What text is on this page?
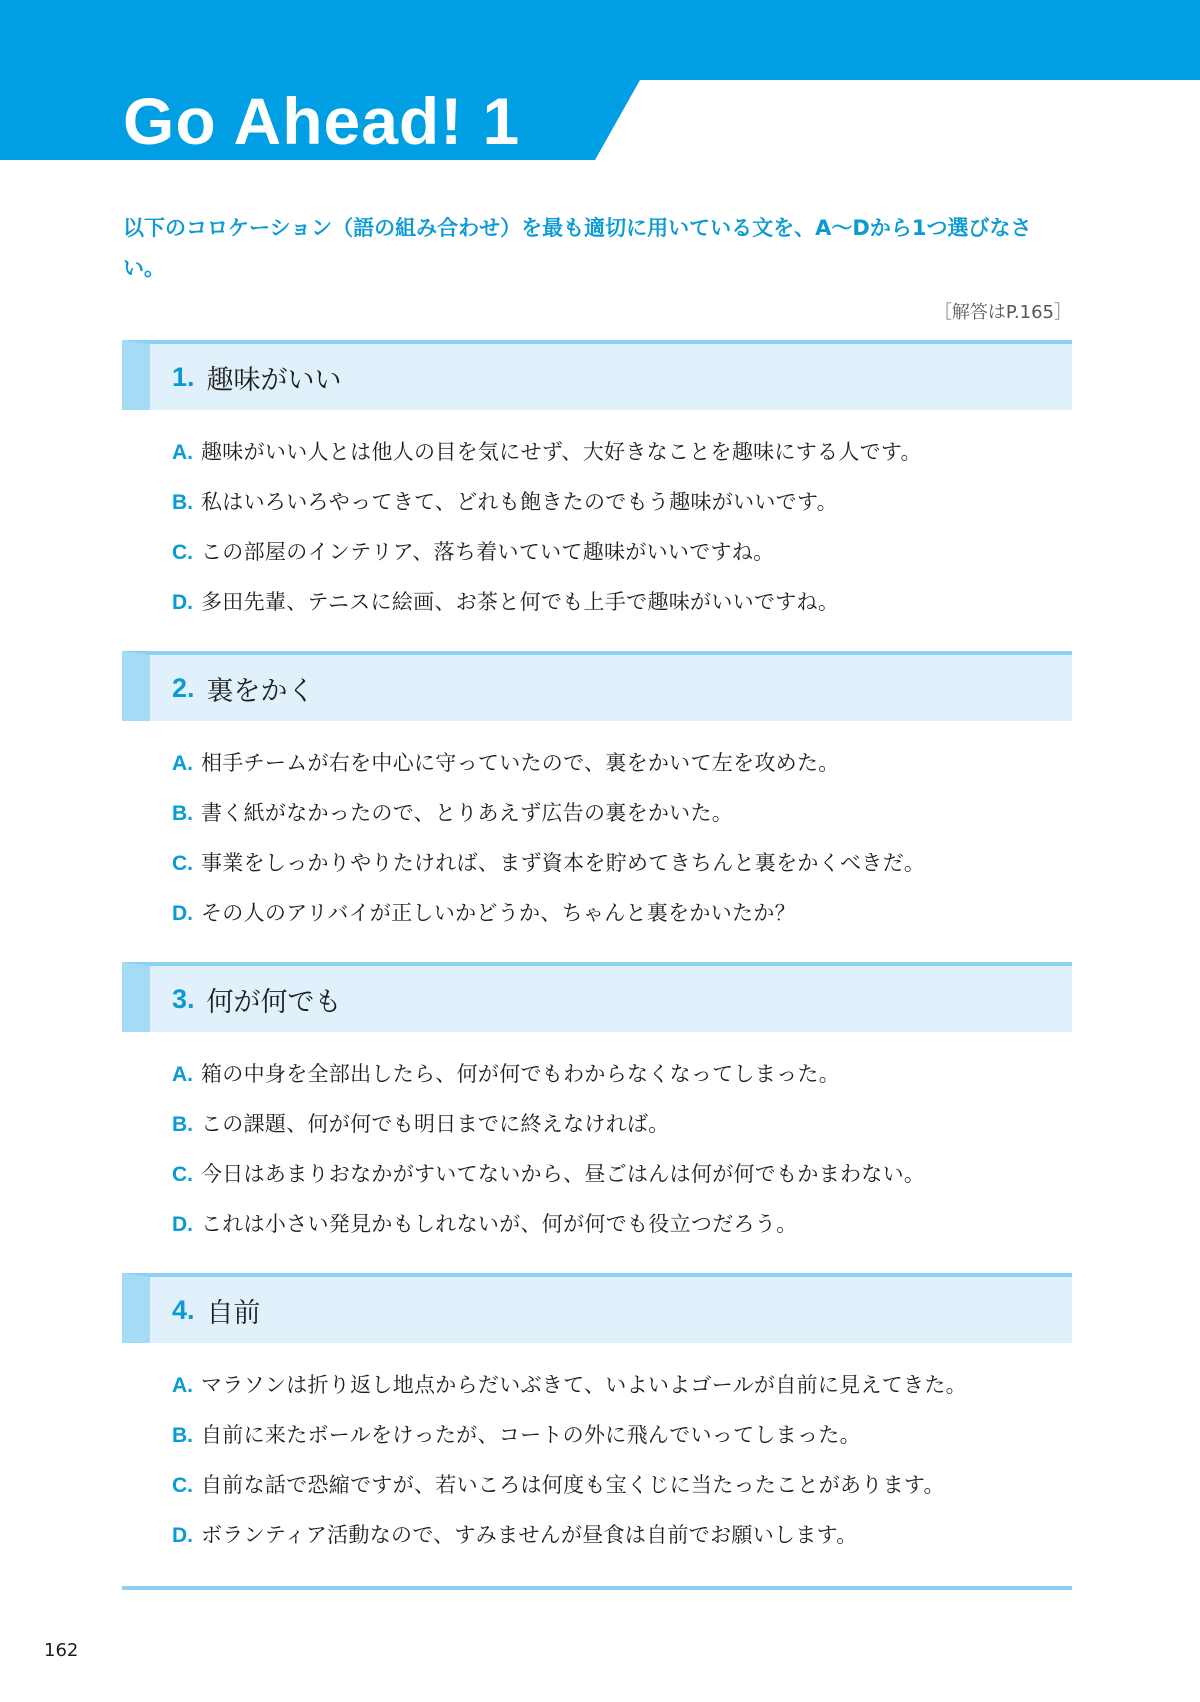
Go Ahead! 1

以下のコロケーション（語の組み合わせ）を最も適切に用いている文を、A～Dから1つ選びなさい。

［解答はP.165］
1. 趣味がいい
A. 趣味がいい人とは他人の目を気にせず、大好きなことを趣味にする人です。
B. 私はいろいろやってきて、どれも飽きたのでもう趣味がいいです。
C. この部屋のインテリア、落ち着いていて趣味がいいですね。
D. 多田先輩、テニスに絵画、お茶と何でも上手で趣味がいいですね。
2. 裏をかく
A. 相手チームが右を中心に守っていたので、裏をかいて左を攻めた。
B. 書く紙がなかったので、とりあえず広告の裏をかいた。
C. 事業をしっかりやりたければ、まず資本を貯めてきちんと裏をかくべきだ。
D. その人のアリバイが正しいかどうか、ちゃんと裏をかいたか？
3. 何が何でも
A. 箱の中身を全部出したら、何が何でもわからなくなってしまった。
B. この課題、何が何でも明日までに終えなければ。
C. 今日はあまりおなかがすいてないから、昼ごはんは何が何でもかまわない。
D. これは小さい発見かもしれないが、何が何でも役立つだろう。
4. 自前
A. マラソンは折り返し地点からだいぶきて、いよいよゴールが自前に見えてきた。
B. 自前に来たボールをけったが、コートの外に飛んでいってしまった。
C. 自前な話で恐縮ですが、若いころは何度も宝くじに当たったことがあります。
D. ボランティア活動なので、すみませんが昼食は自前でお願いします。
162
